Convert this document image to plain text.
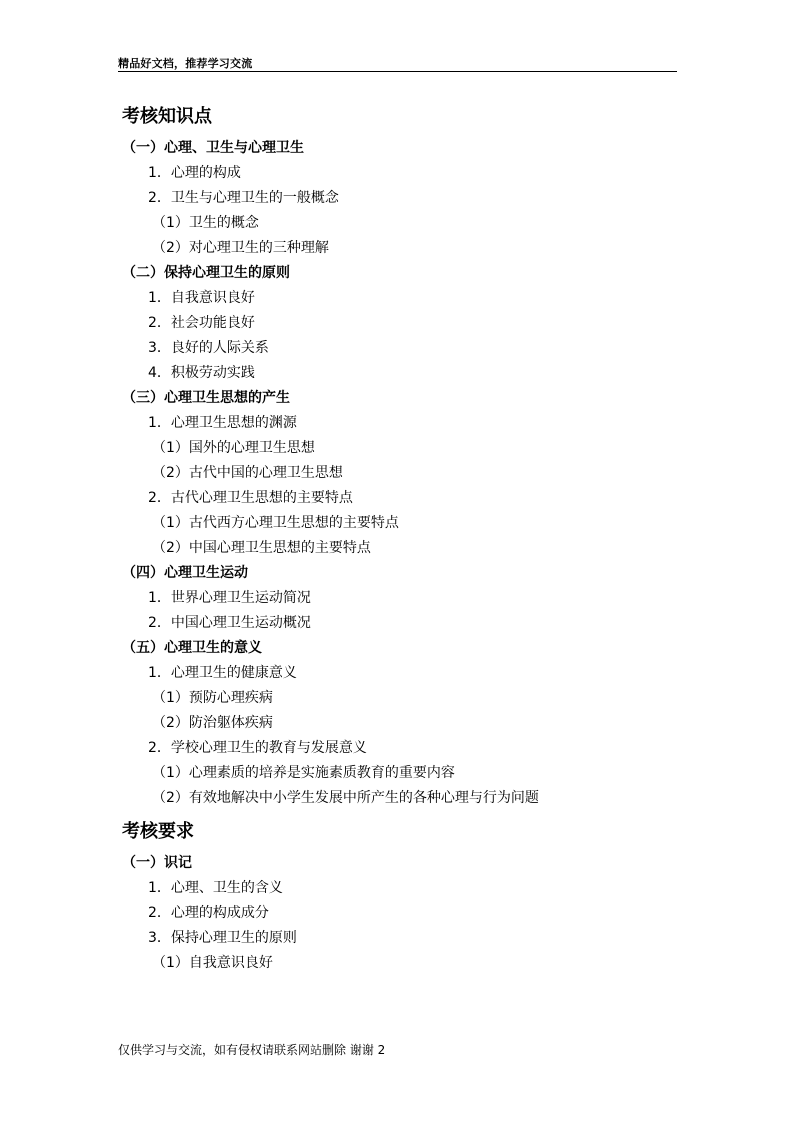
精品好文档，推荐学习交流
考核知识点
（一）心理、卫生与心理卫生
1．心理的构成
2．卫生与心理卫生的一般概念
（1）卫生的概念
（2）对心理卫生的三种理解
（二）保持心理卫生的原则
1．自我意识良好
2．社会功能良好
3．良好的人际关系
4．积极劳动实践
（三）心理卫生思想的产生
1．心理卫生思想的渊源
（1）国外的心理卫生思想
（2）古代中国的心理卫生思想
2．古代心理卫生思想的主要特点
（1）古代西方心理卫生思想的主要特点
（2）中国心理卫生思想的主要特点
（四）心理卫生运动
1．世界心理卫生运动简况
2．中国心理卫生运动概况
（五）心理卫生的意义
1．心理卫生的健康意义
（1）预防心理疾病
（2）防治躯体疾病
2．学校心理卫生的教育与发展意义
（1）心理素质的培养是实施素质教育的重要内容
（2）有效地解决中小学生发展中所产生的各种心理与行为问题
考核要求
（一）识记
1．心理、卫生的含义
2．心理的构成成分
3．保持心理卫生的原则
（1）自我意识良好
仅供学习与交流，如有侵权请联系网站删除 谢谢 2
